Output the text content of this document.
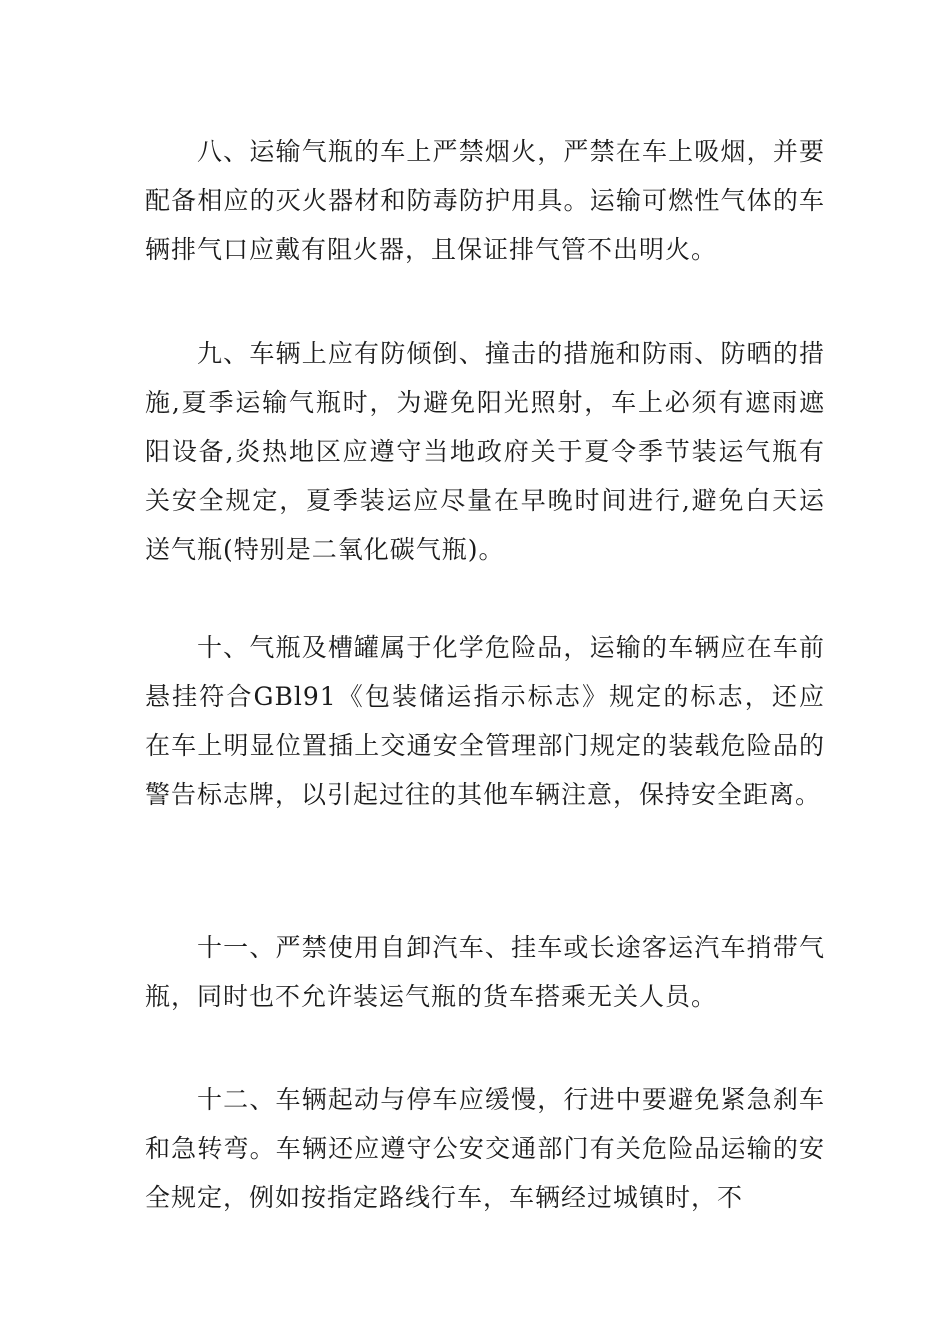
八、运输气瓶的车上严禁烟火，严禁在车上吸烟，并要配备相应的灭火器材和防毒防护用具。运输可燃性气体的车辆排气口应戴有阻火器，且保证排气管不出明火。

九、车辆上应有防倾倒、撞击的措施和防雨、防晒的措施,夏季运输气瓶时，为避免阳光照射，车上必须有遮雨遮阳设备,炎热地区应遵守当地政府关于夏令季节装运气瓶有关安全规定，夏季装运应尽量在早晚时间进行,避免白天运送气瓶(特别是二氧化碳气瓶)。

十、气瓶及槽罐属于化学危险品，运输的车辆应在车前悬挂符合GBl91《包装储运指示标志》规定的标志，还应在车上明显位置插上交通安全管理部门规定的装载危险品的警告标志牌，以引起过往的其他车辆注意，保持安全距离。

十一、严禁使用自卸汽车、挂车或长途客运汽车捎带气瓶，同时也不允许装运气瓶的货车搭乘无关人员。

十二、车辆起动与停车应缓慢，行进中要避免紧急刹车和急转弯。车辆还应遵守公安交通部门有关危险品运输的安全规定，例如按指定路线行车，车辆经过城镇时，不
